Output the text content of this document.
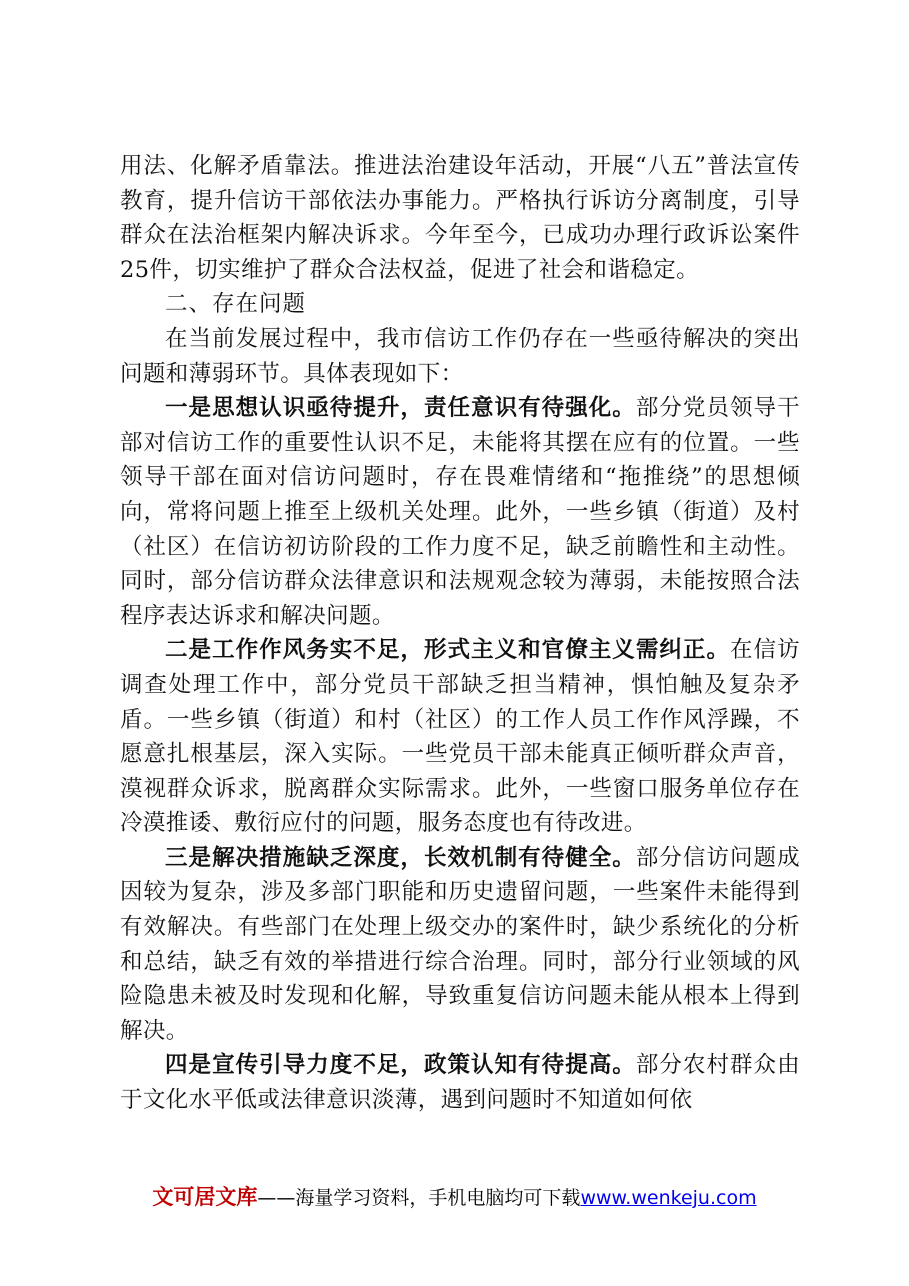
用法、化解矛盾靠法。推进法治建设年活动，开展“八五”普法宣传教育，提升信访干部依法办事能力。严格执行诉访分离制度，引导群众在法治框架内解决诉求。今年至今，已成功办理行政诉讼案件25件，切实维护了群众合法权益，促进了社会和谐稳定。

二、存在问题

在当前发展过程中，我市信访工作仍存在一些亟待解决的突出问题和薄弱环节。具体表现如下：

一是思想认识亟待提升，责任意识有待强化。部分党员领导干部对信访工作的重要性认识不足，未能将其摆在应有的位置。一些领导干部在面对信访问题时，存在畏难情绪和“拖推绕”的思想倾向，常将问题上推至上级机关处理。此外，一些乡镇（街道）及村（社区）在信访初访阶段的工作力度不足，缺乏前瞻性和主动性。同时，部分信访群众法律意识和法规观念较为薄弱，未能按照合法程序表达诉求和解决问题。

二是工作作风务实不足，形式主义和官僚主义需纠正。在信访调查处理工作中，部分党员干部缺乏担当精神，惧怕触及复杂矛盾。一些乡镇（街道）和村（社区）的工作人员工作作风浮躁，不愿意扎根基层，深入实际。一些党员干部未能真正倾听群众声音，漠视群众诉求，脱离群众实际需求。此外，一些窗口服务单位存在冷漠推诿、敷衍应付的问题，服务态度也有待改进。

三是解决措施缺乏深度，长效机制有待健全。部分信访问题成因较为复杂，涉及多部门职能和历史遗留问题，一些案件未能得到有效解决。有些部门在处理上级交办的案件时，缺少系统化的分析和总结，缺乏有效的举措进行综合治理。同时，部分行业领域的风险隐患未被及时发现和化解，导致重复信访问题未能从根本上得到解决。

四是宣传引导力度不足，政策认知有待提高。部分农村群众由于文化水平低或法律意识淡薄，遇到问题时不知道如何依

文可居文库——海量学习资料，手机电脑均可下载www.wenkeju.com
